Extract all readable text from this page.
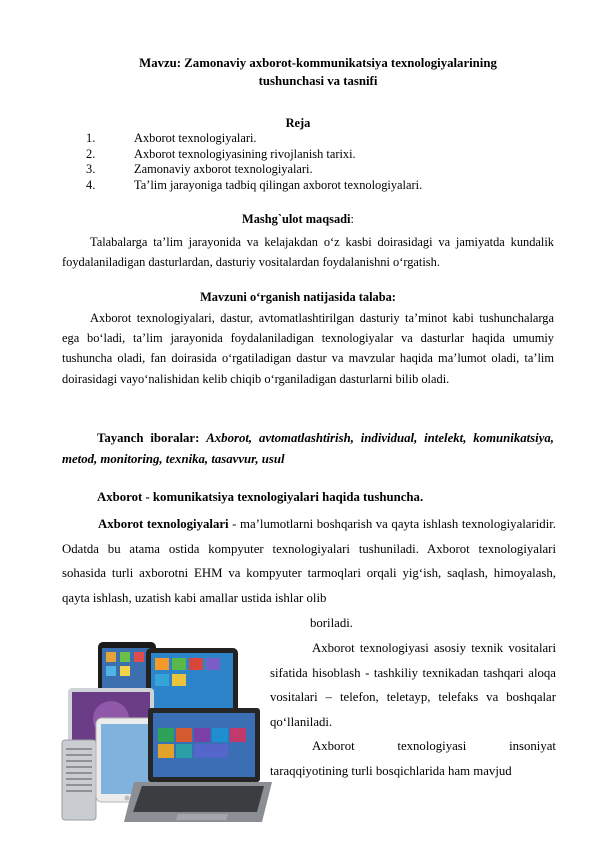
Mavzu: Zamonaviy axborot-kommunikatsiya texnologiyalarining
tushunchasi va tasnifi
Reja
1.	Axborot texnologiyalari.
2.	Axborot texnologiyasining rivojlanish tarixi.
3.	Zamonaviy axborot texnologiyalari.
4.	Ta’lim jarayoniga tadbiq qilingan axborot texnologiyalari.
Mashg`ulot maqsadi:
Talabalarga ta’lim jarayonida va kelajakdan o‘z kasbi doirasidagi va jamiyatda kundalik foydalaniladigan dasturlardan, dasturiy vositalardan foydalanishni o‘rgatish.
Mavzuni o‘rganish natijasida talaba:
Axborot texnologiyalari, dastur, avtomatlashtirilgan dasturiy ta’minot kabi tushunchalarga ega bo‘ladi, ta’lim jarayonida foydalaniladigan texnologiyalar va dasturlar haqida umumiy tushuncha oladi, fan doirasida o‘rgatiladigan dastur va mavzular haqida ma’lumot oladi, ta’lim doirasidagi vayo‘nalishidan kelib chiqib o‘rganiladigan dasturlarni bilib oladi.
Tayanch iboralar: Axborot, avtomatlashtirish, individual, intelekt, komunikatsiya, metod, monitoring, texnika, tasavvur, usul
Axborot - komunikatsiya texnologiyalari haqida tushuncha.
Axborot texnologiyalari - ma’lumotlarni boshqarish va qayta ishlash texnologiyalaridir. Odatda bu atama ostida kompyuter texnologiyalari tushuniladi. Axborot texnologiyalari sohasida turli axborotni EHM va kompyuter tarmoqlari orqali yig‘ish, saqlash, himoyalash, qayta ishlash, uzatish kabi amallar ustida ishlar olib
boriladi.
Axborot texnologiyasi asosiy texnik vositalari sifatida hisoblash - tashkiliy texnikadan tashqari aloqa vositalari – telefon, teletayp, telefaks va boshqalar qo‘llaniladi.
Axborot texnologiyasi insoniyat taraqqiyotining turli bosqichlarida ham mavjud
